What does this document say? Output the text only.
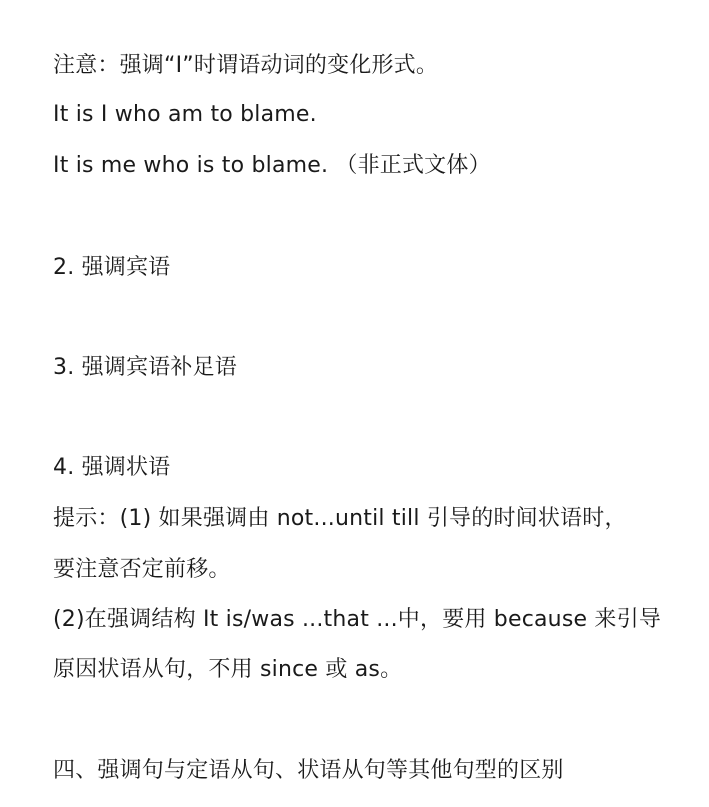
注意：强调“I”时谓语动词的变化形式。
It is I who am to blame.
It is me who is to blame. （非正式文体）
2. 强调宾语
3. 强调宾语补足语
4. 强调状语
提示：(1) 如果强调由 not...until till 引导的时间状语时，
要注意否定前移。
(2)在强调结构 It is/was ...that ...中，要用 because 来引导
原因状语从句，不用 since 或 as。
四、强调句与定语从句、状语从句等其他句型的区别
